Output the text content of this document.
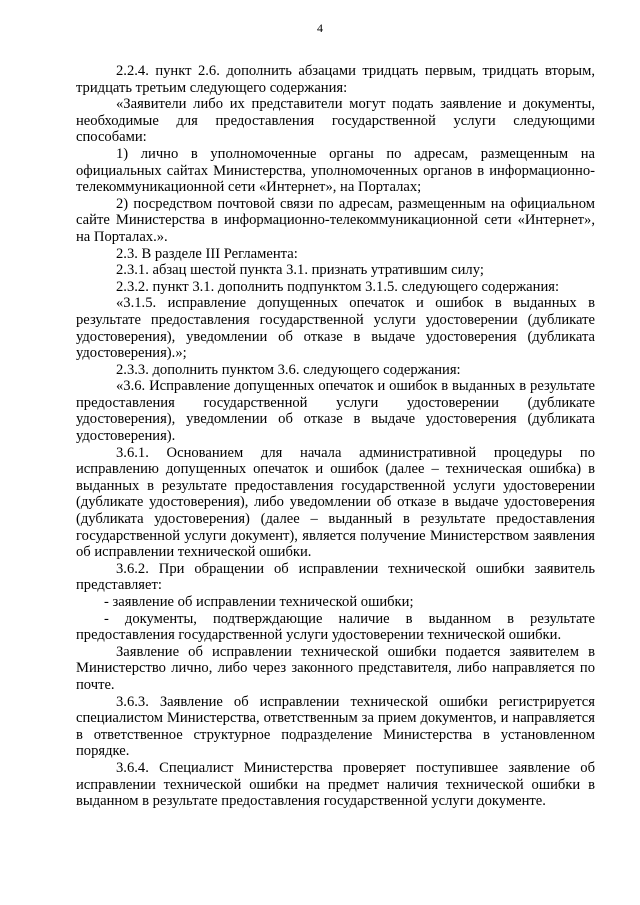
4

2.2.4. пункт 2.6. дополнить абзацами тридцать первым, тридцать вторым, тридцать третьим следующего содержания:

«Заявители либо их представители могут подать заявление и документы, необходимые для предоставления государственной услуги следующими способами:

1) лично в уполномоченные органы по адресам, размещенным на официальных сайтах Министерства, уполномоченных органов в информационно-телекоммуникационной сети «Интернет», на Порталах;

2) посредством почтовой связи по адресам, размещенным на официальном сайте Министерства в информационно-телекоммуникационной сети «Интернет», на Порталах.».

2.3. В разделе III Регламента:

2.3.1. абзац шестой пункта 3.1. признать утратившим силу;

2.3.2. пункт 3.1. дополнить подпунктом 3.1.5. следующего содержания:

«3.1.5. исправление допущенных опечаток и ошибок в выданных в результате предоставления государственной услуги удостоверении (дубликате удостоверения), уведомлении об отказе в выдаче удостоверения (дубликата удостоверения).»;

2.3.3. дополнить пунктом 3.6. следующего содержания:

«3.6. Исправление допущенных опечаток и ошибок в выданных в результате предоставления государственной услуги удостоверении (дубликате удостоверения), уведомлении об отказе в выдаче удостоверения (дубликата удостоверения).

3.6.1. Основанием для начала административной процедуры по исправлению допущенных опечаток и ошибок (далее – техническая ошибка) в выданных в результате предоставления государственной услуги удостоверении (дубликате удостоверения), либо уведомлении об отказе в выдаче удостоверения (дубликата удостоверения) (далее – выданный в результате предоставления государственной услуги документ), является получение Министерством заявления об исправлении технической ошибки.

3.6.2. При обращении об исправлении технической ошибки заявитель представляет:

- заявление об исправлении технической ошибки;

- документы, подтверждающие наличие в выданном в результате предоставления государственной услуги удостоверении технической ошибки.

Заявление об исправлении технической ошибки подается заявителем в Министерство лично, либо через законного представителя, либо направляется по почте.

3.6.3. Заявление об исправлении технической ошибки регистрируется специалистом Министерства, ответственным за прием документов, и направляется в ответственное структурное подразделение Министерства в установленном порядке.

3.6.4. Специалист Министерства проверяет поступившее заявление об исправлении технической ошибки на предмет наличия технической ошибки в выданном в результате предоставления государственной услуги документе.
